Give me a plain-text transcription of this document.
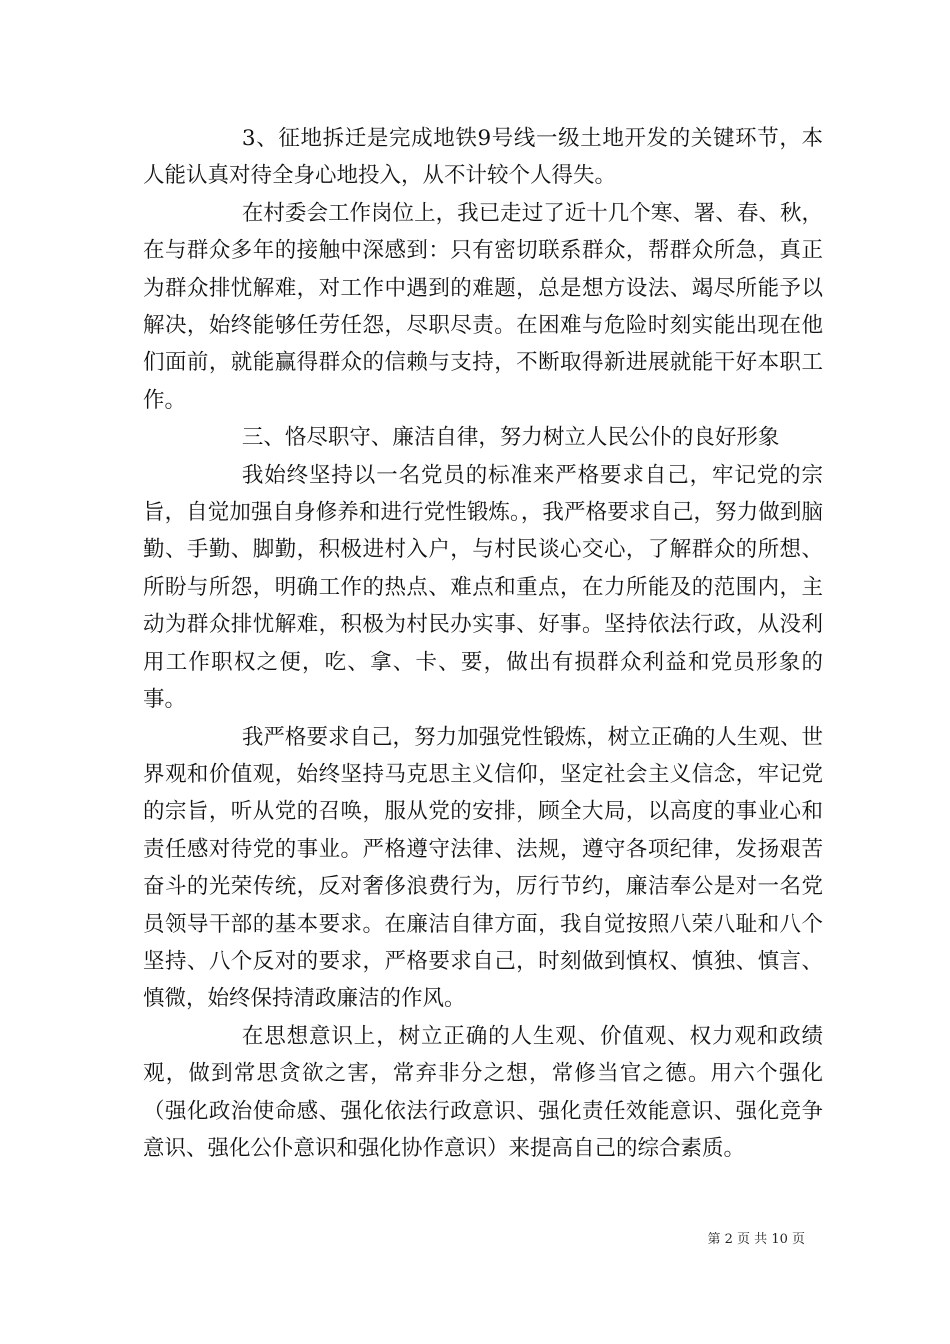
3、征地拆迁是完成地铁9号线一级土地开发的关键环节，本人能认真对待全身心地投入，从不计较个人得失。

在村委会工作岗位上，我已走过了近十几个寒、署、春、秋，在与群众多年的接触中深感到：只有密切联系群众，帮群众所急，真正为群众排忧解难，对工作中遇到的难题，总是想方设法、竭尽所能予以解决，始终能够任劳任怨，尽职尽责。在困难与危险时刻实能出现在他们面前，就能赢得群众的信赖与支持，不断取得新进展就能干好本职工作。

三、恪尽职守、廉洁自律，努力树立人民公仆的良好形象

我始终坚持以一名党员的标准来严格要求自己，牢记党的宗旨，自觉加强自身修养和进行党性锻炼。，我严格要求自己，努力做到脑勤、手勤、脚勤，积极进村入户，与村民谈心交心，了解群众的所想、所盼与所怨，明确工作的热点、难点和重点，在力所能及的范围内，主动为群众排忧解难，积极为村民办实事、好事。坚持依法行政，从没利用工作职权之便，吃、拿、卡、要，做出有损群众利益和党员形象的事。

我严格要求自己，努力加强党性锻炼，树立正确的人生观、世界观和价值观，始终坚持马克思主义信仰，坚定社会主义信念，牢记党的宗旨，听从党的召唤，服从党的安排，顾全大局，以高度的事业心和责任感对待党的事业。严格遵守法律、法规，遵守各项纪律，发扬艰苦奋斗的光荣传统，反对奢侈浪费行为，厉行节约，廉洁奉公是对一名党员领导干部的基本要求。在廉洁自律方面，我自觉按照八荣八耻和八个坚持、八个反对的要求，严格要求自己，时刻做到慎权、慎独、慎言、慎微，始终保持清政廉洁的作风。

在思想意识上，树立正确的人生观、价值观、权力观和政绩观，做到常思贪欲之害，常弃非分之想，常修当官之德。用六个强化（强化政治使命感、强化依法行政意识、强化责任效能意识、强化竞争意识、强化公仆意识和强化协作意识）来提高自己的综合素质。

第 2 页 共 10 页
